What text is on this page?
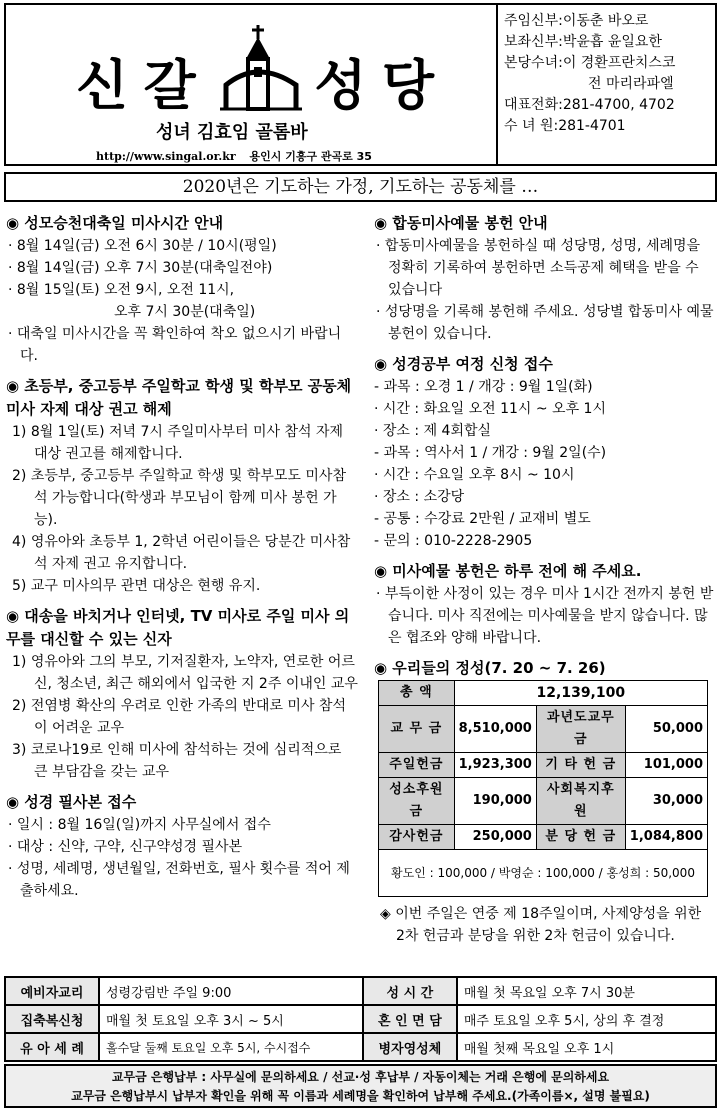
신 갈 성 당
성녀 김효임 골롬바
http://www.singal.or.kr 용인시 기흥구 관곡로 35
주임신부:이동춘 바오로
보좌신부:박윤흡 윤일요한
본당수녀:이 경환프란치스코
전 마리라파엘
대표전화:281-4700, 4702
수 녀 원:281-4701
2020년은 기도하는 가정, 기도하는 공동체를 …
◉ 성모승천대축일 미사시간 안내
· 8월 14일(금) 오전 6시 30분 / 10시(평일)
· 8월 14일(금) 오후 7시 30분(대축일전야)
· 8월 15일(토) 오전 9시, 오전 11시,
오후 7시 30분(대축일)
· 대축일 미사시간을 꼭 확인하여 착오 없으시기 바랍니다.
◉ 초등부, 중고등부 주일학교 학생 및 학부모 공동체 미사 자제 대상 권고 해제
1) 8월 1일(토) 저녁 7시 주일미사부터 미사 참석 자제 대상 권고를 해제합니다.
2) 초등부, 중고등부 주일학교 학생 및 학부모도 미사참석 가능합니다(학생과 부모님이 함께 미사 봉헌 가능).
4) 영유아와 초등부 1, 2학년 어린이들은 당분간 미사참석 자제 권고 유지합니다.
5) 교구 미사의무 관면 대상은 현행 유지.
◉ 대송을 바치거나 인터넷, TV 미사로 주일 미사 의무를 대신할 수 있는 신자
1) 영유아와 그의 부모, 기저질환자, 노약자, 연로한 어르신, 청소년, 최근 해외에서 입국한 지 2주 이내인 교우
2) 전염병 확산의 우려로 인한 가족의 반대로 미사 참석이 어려운 교우
3) 코로나19로 인해 미사에 참석하는 것에 심리적으로 큰 부담감을 갖는 교우
◉ 성경 필사본 접수
· 일시 : 8월 16일(일)까지 사무실에서 접수
· 대상 : 신약, 구약, 신구약성경 필사본
· 성명, 세례명, 생년월일, 전화번호, 필사 횟수를 적어 제출하세요.
◉ 합동미사예물 봉헌 안내
· 합동미사예물을 봉헌하실 때 성당명, 성명, 세례명을 정확히 기록하여 봉헌하면 소득공제 혜택을 받을 수 있습니다
· 성당명을 기록해 봉헌해 주세요. 성당별 합동미사 예물봉헌이 있습니다.
◉ 성경공부 여정 신청 접수
- 과목 : 오경 1 / 개강 : 9월 1일(화)
· 시간 : 화요일 오전 11시 ~ 오후 1시
· 장소 : 제 4회합실
- 과목 : 역사서 1 / 개강 : 9월 2일(수)
· 시간 : 수요일 오후 8시 ~ 10시
· 장소 : 소강당
- 공통 : 수강료 2만원 / 교재비 별도
- 문의 : 010-2228-2905
◉ 미사예물 봉헌은 하루 전에 해 주세요.
· 부득이한 사정이 있는 경우 미사 1시간 전까지 봉헌 받습니다. 미사 직전에는 미사예물을 받지 않습니다. 많은 협조와 양해 바랍니다.
◉ 우리들의 정성(7. 20 ~ 7. 26)
총 액	12,139,100		
교 무 금	8,510,000	과년도교무금	50,000
주일헌금	1,923,300	기 타 헌 금	101,000
성소후원금	190,000	사회복지후원	30,000
감사헌금	250,000	분 당 헌 금	1,084,800
황도인 : 100,000 / 박영순 : 100,000 / 홍성희 : 50,000			
◈ 이번 주일은 연중 제 18주일이며, 사제양성을 위한 2차 헌금과 분당을 위한 2차 헌금이 있습니다.
예비자교리	성령강림반 주일 9:00	성 시 간	매월 첫 목요일 오후 7시 30분
집축복신청	매월 첫 토요일 오후 3시 ~ 5시	혼 인 면 담	매주 토요일 오후 5시, 상의 후 결정
유 아 세 례	홀수달 둘째 토요일 오후 5시, 수시접수	병자영성체	매월 첫째 목요일 오후 1시
교무금 은행납부 : 사무실에 문의하세요 / 선교·성 후납부 / 자동이체는 거래 은행에 문의하세요
교무금 은행납부시 납부자 확인을 위해 꼭 이름과 세례명을 확인하여 납부해 주세요.(가족이름×, 설명 불필요)
